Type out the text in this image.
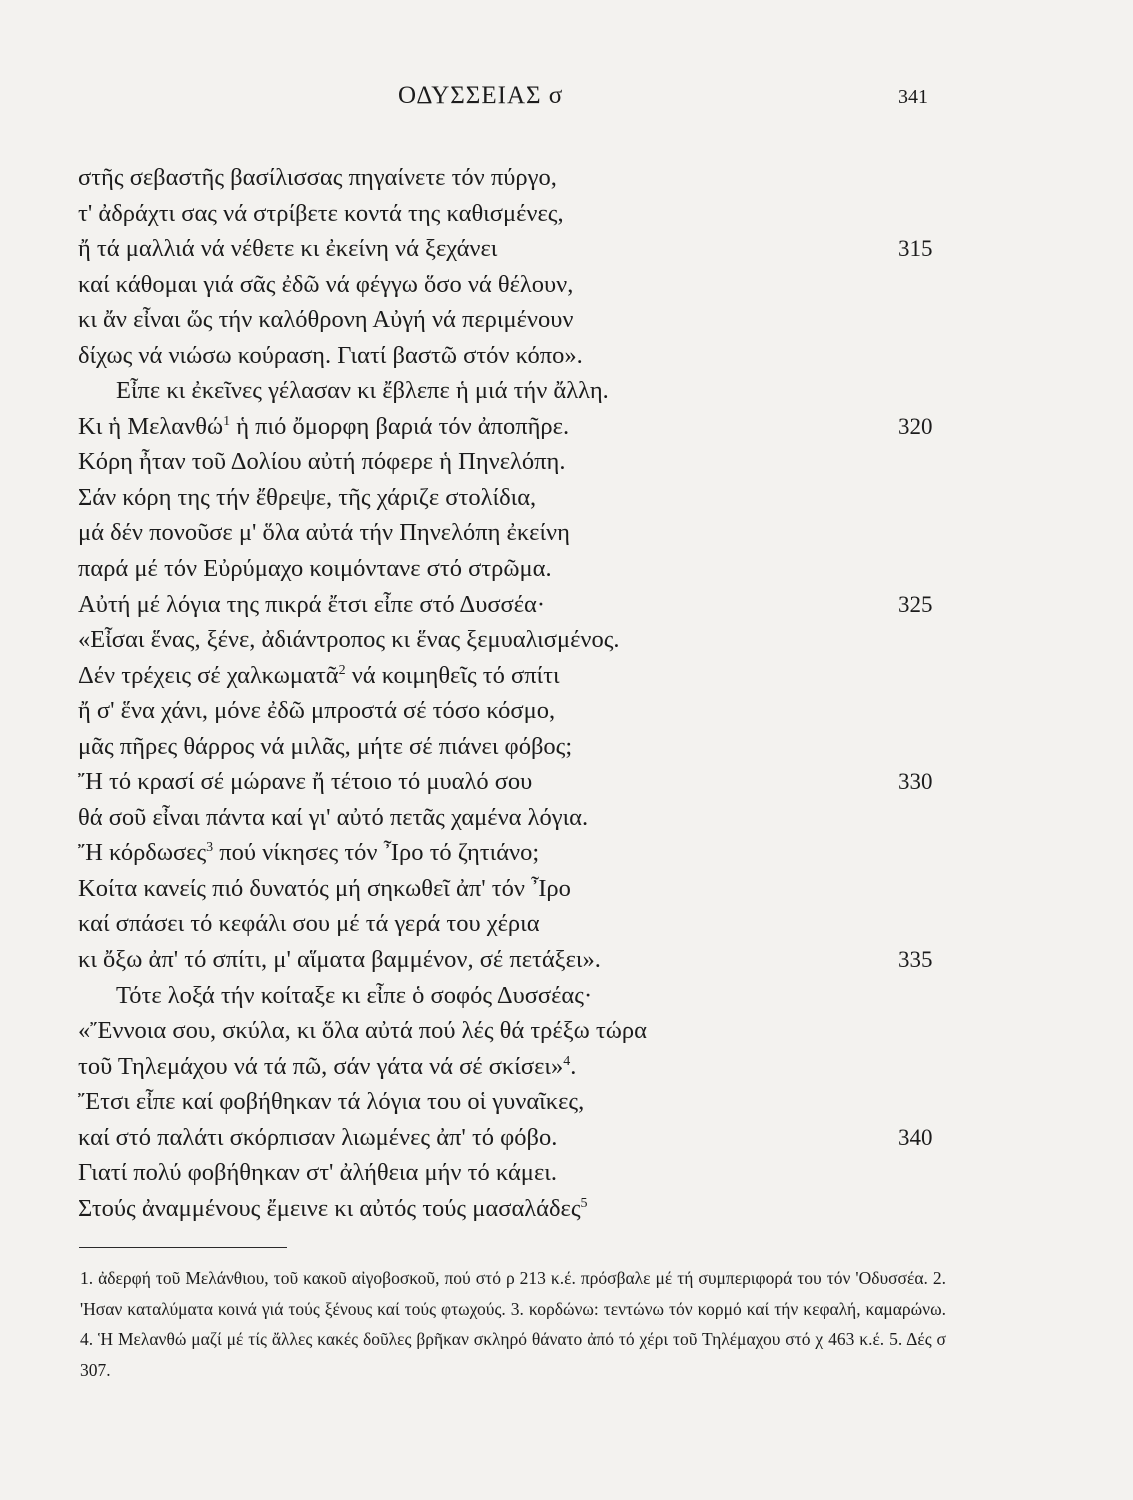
ΟΔΥΣΣΕΙΑΣ σ	341
στῆς σεβαστῆς βασίλισσας πηγαίνετε τόν πύργο,
τ' ἀδράχτι σας νά στρίβετε κοντά της καθισμένες,
ἤ τά μαλλιά νά νέθετε κι ἐκείνη νά ξεχάνει	315
καί κάθομαι γιά σᾶς ἐδῶ νά φέγγω ὅσο νά θέλουν,
κι ἄν εἶναι ὥς τήν καλόθρονη Αὐγή νά περιμένουν
δίχως νά νιώσω κούραση. Γιατί βαστῶ στόν κόπο».
Εἶπε κι ἐκεῖνες γέλασαν κι ἔβλεπε ἡ μιά τήν ἄλλη.
Κι ἡ Μελανθώ$^1$ ἡ πιό ὄμορφη βαριά τόν ἀποπῆρε.	320
Κόρη ἦταν τοῦ Δολίου αὐτή πόφερε ἡ Πηνελόπη.
Σάν κόρη της τήν ἔθρεψε, τῆς χάριζε στολίδια,
μά δέν πονοῦσε μ' ὅλα αὐτά τήν Πηνελόπη ἐκείνη
παρά μέ τόν Εὐρύμαχο κοιμόντανε στό στρῶμα.
Αὐτή μέ λόγια της πικρά ἔτσι εἶπε στό Δυσσέα·	325
«Εἶσαι ἕνας, ξένε, ἀδιάντροπος κι ἕνας ξεμυαλισμένος.
Δέν τρέχεις σέ χαλκωματᾶ$^2$ νά κοιμηθεῖς τό σπίτι
ἤ σ' ἕνα χάνι, μόνε ἐδῶ μπροστά σέ τόσο κόσμο,
μᾶς πῆρες θάρρος νά μιλᾶς, μήτε σέ πιάνει φόβος;
Ἤ τό κρασί σέ μώρανε ἤ τέτοιο τό μυαλό σου	330
θά σοῦ εἶναι πάντα καί γι' αὐτό πετᾶς χαμένα λόγια.
Ἤ κόρδωσες$^3$ πού νίκησες τόν Ἶρο τό ζητιάνο;
Κοίτα κανείς πιό δυνατός μή σηκωθεῖ ἀπ' τόν Ἶρο
καί σπάσει τό κεφάλι σου μέ τά γερά του χέρια
κι ὄξω ἀπ' τό σπίτι, μ' αἵματα βαμμένον, σέ πετάξει».	335
Τότε λοξά τήν κοίταξε κι εἶπε ὁ σοφός Δυσσέας·
«Ἔννοια σου, σκύλα, κι ὅλα αὐτά πού λές θά τρέξω τώρα
τοῦ Τηλεμάχου νά τά πῶ, σάν γάτα νά σέ σκίσει»$^4$.
Ἔτσι εἶπε καί φοβήθηκαν τά λόγια του οἱ γυναῖκες,
καί στό παλάτι σκόρπισαν λιωμένες ἀπ' τό φόβο.	340
Γιατί πολύ φοβήθηκαν στ' ἀλήθεια μήν τό κάμει.
Στούς ἀναμμένους ἔμεινε κι αὐτός τούς μασαλάδες$^5$

1. ἀδερφή τοῦ Μελάνθιου, τοῦ κακοῦ αἰγοβοσκοῦ, πού στό ρ 213 κ.έ. πρόσβαλε μέ τή συμπεριφορά του τόν 'Οδυσσέα. 2. 'Ησαν καταλύματα κοινά γιά τούς ξένους καί τούς φτωχούς. 3. κορδώνω: τεντώνω τόν κορμό καί τήν κεφαλή, καμαρώνω. 4. Ἡ Μελανθώ μαζί μέ τίς ἄλλες κακές δοῦλες βρῆκαν σκληρό θάνατο ἀπό τό χέρι τοῦ Τηλέμαχου στό χ 463 κ.έ. 5. Δές σ 307.
